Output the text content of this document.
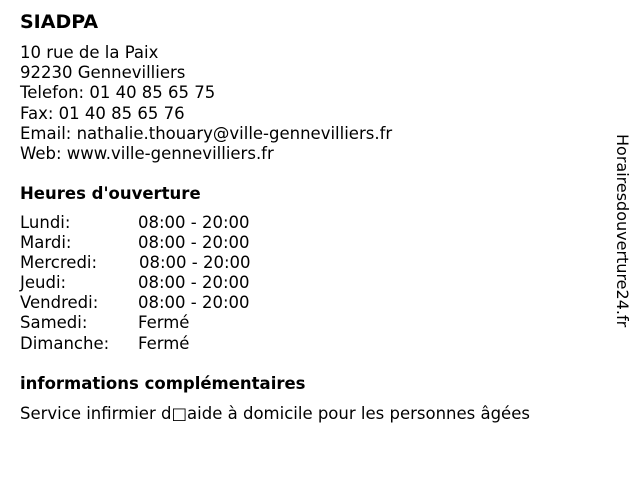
SIADPA
10 rue de la Paix
92230 Gennevilliers
Telefon: 01 40 85 65 75
Fax: 01 40 85 65 76
Email: nathalie.thouary@ville-gennevilliers.fr
Web: www.ville-gennevilliers.fr
Heures d'ouverture
Lundi:	08:00 - 20:00
Mardi:	08:00 - 20:00
Mercredi:	08:00 - 20:00
Jeudi:	08:00 - 20:00
Vendredi: 08:00 - 20:00
Samedi:	Fermé
Dimanche: Fermé
informations complémentaires
Service infirmier d□aide à domicile pour les personnes âgées
Horairesdouverture24.fr
